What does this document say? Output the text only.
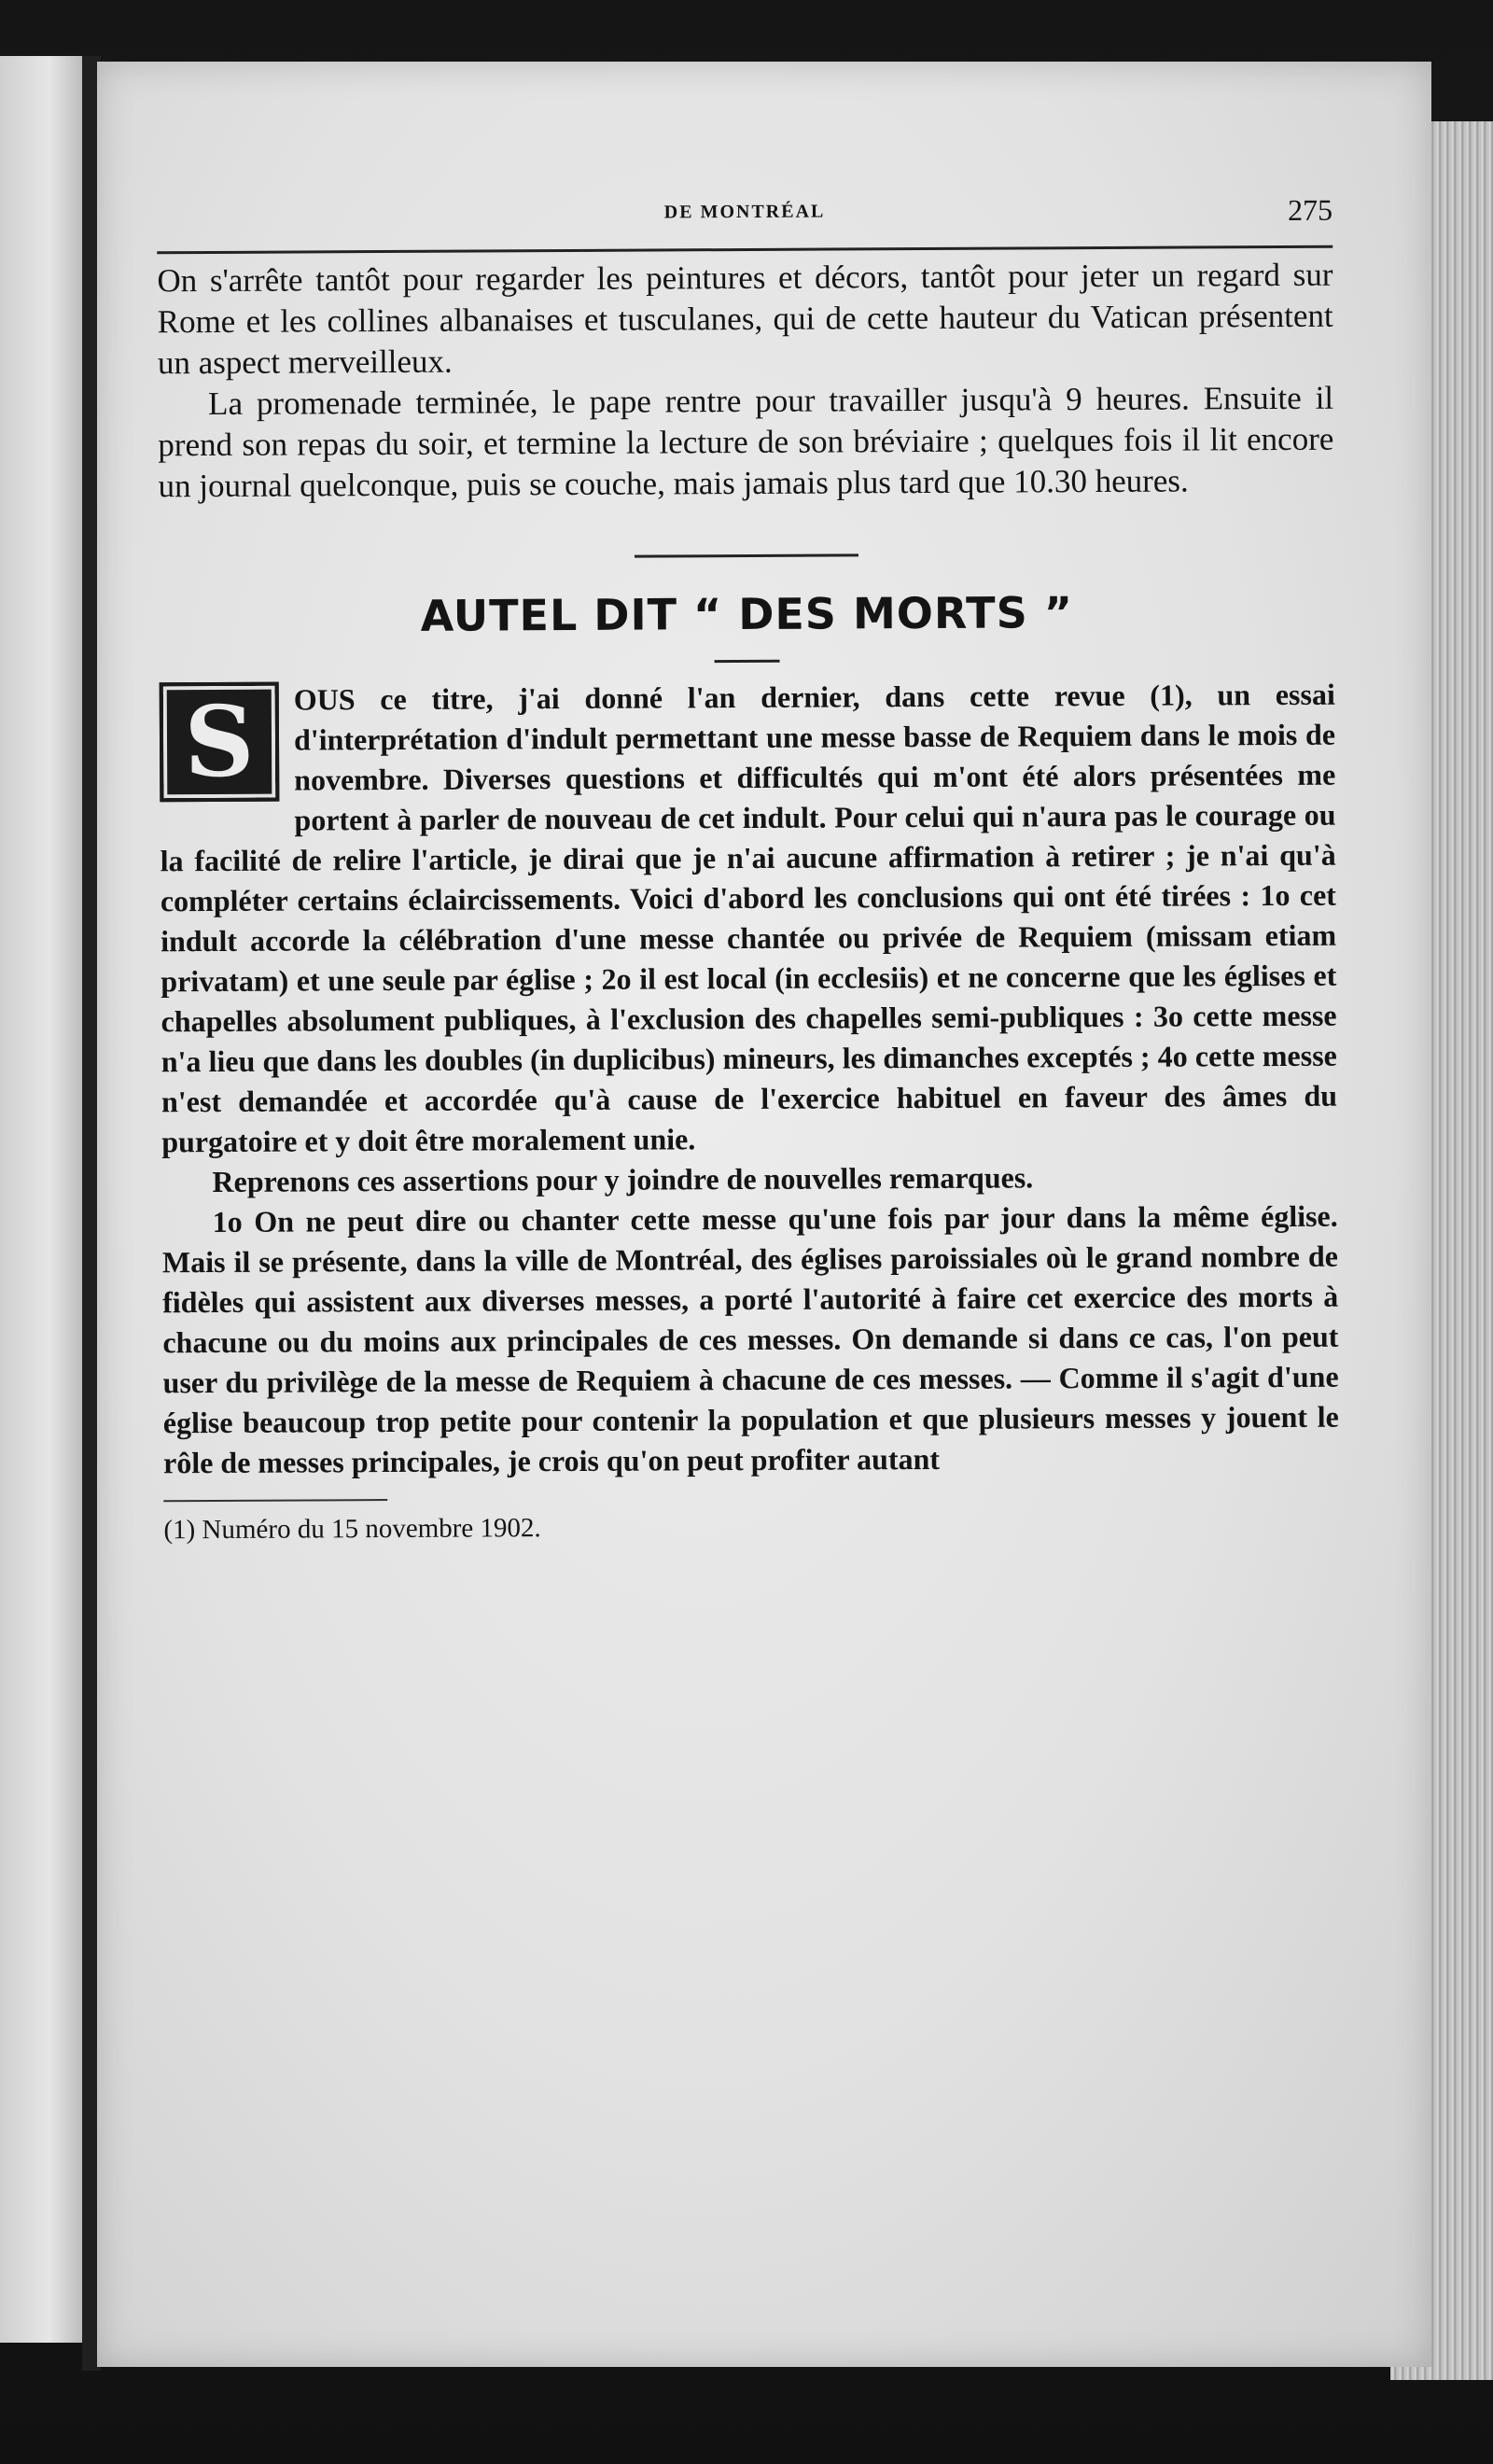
DE MONTRÉAL	275

On s'arrête tantôt pour regarder les peintures et décors, tantôt pour jeter un regard sur Rome et les collines albanaises et tusculanes, qui de cette hauteur du Vatican présentent un aspect merveilleux.

La promenade terminée, le pape rentre pour travailler jusqu'à 9 heures. Ensuite il prend son repas du soir, et termine la lecture de son bréviaire ; quelques fois il lit encore un journal quelconque, puis se couche, mais jamais plus tard que 10.30 heures.

AUTEL DIT “ DES MORTS ”

S	OUS ce titre, j'ai donné l'an dernier, dans cette revue (1), un essai d'interprétation d'indult permettant une messe basse de Requiem dans le mois de novembre. Diverses questions et difficultés qui m'ont été alors présentées me portent à parler de nouveau de cet indult. Pour celui qui n'aura pas le courage ou la facilité de relire l'article, je dirai que je n'ai aucune affirmation à retirer ; je n'ai qu'à compléter certains éclaircissements. Voici d'abord les conclusions qui ont été tirées : 1o cet indult accorde la célébration d'une messe chantée ou privée de Requiem (missam etiam privatam) et une seule par église ; 2o il est local (in ecclesiis) et ne concerne que les églises et chapelles absolument publiques, à l'exclusion des chapelles semi-publiques : 3o cette messe n'a lieu que dans les doubles (in duplicibus) mineurs, les dimanches exceptés ; 4o cette messe n'est demandée et accordée qu'à cause de l'exercice habituel en faveur des âmes du purgatoire et y doit être moralement unie.

Reprenons ces assertions pour y joindre de nouvelles remarques.

1o On ne peut dire ou chanter cette messe qu'une fois par jour dans la même église. Mais il se présente, dans la ville de Montréal, des églises paroissiales où le grand nombre de fidèles qui assistent aux diverses messes, a porté l'autorité à faire cet exercice des morts à chacune ou du moins aux principales de ces messes. On demande si dans ce cas, l'on peut user du privilège de la messe de Requiem à chacune de ces messes. — Comme il s'agit d'une église beaucoup trop petite pour contenir la population et que plusieurs messes y jouent le rôle de messes principales, je crois qu'on peut profiter autant

(1) Numéro du 15 novembre 1902.
